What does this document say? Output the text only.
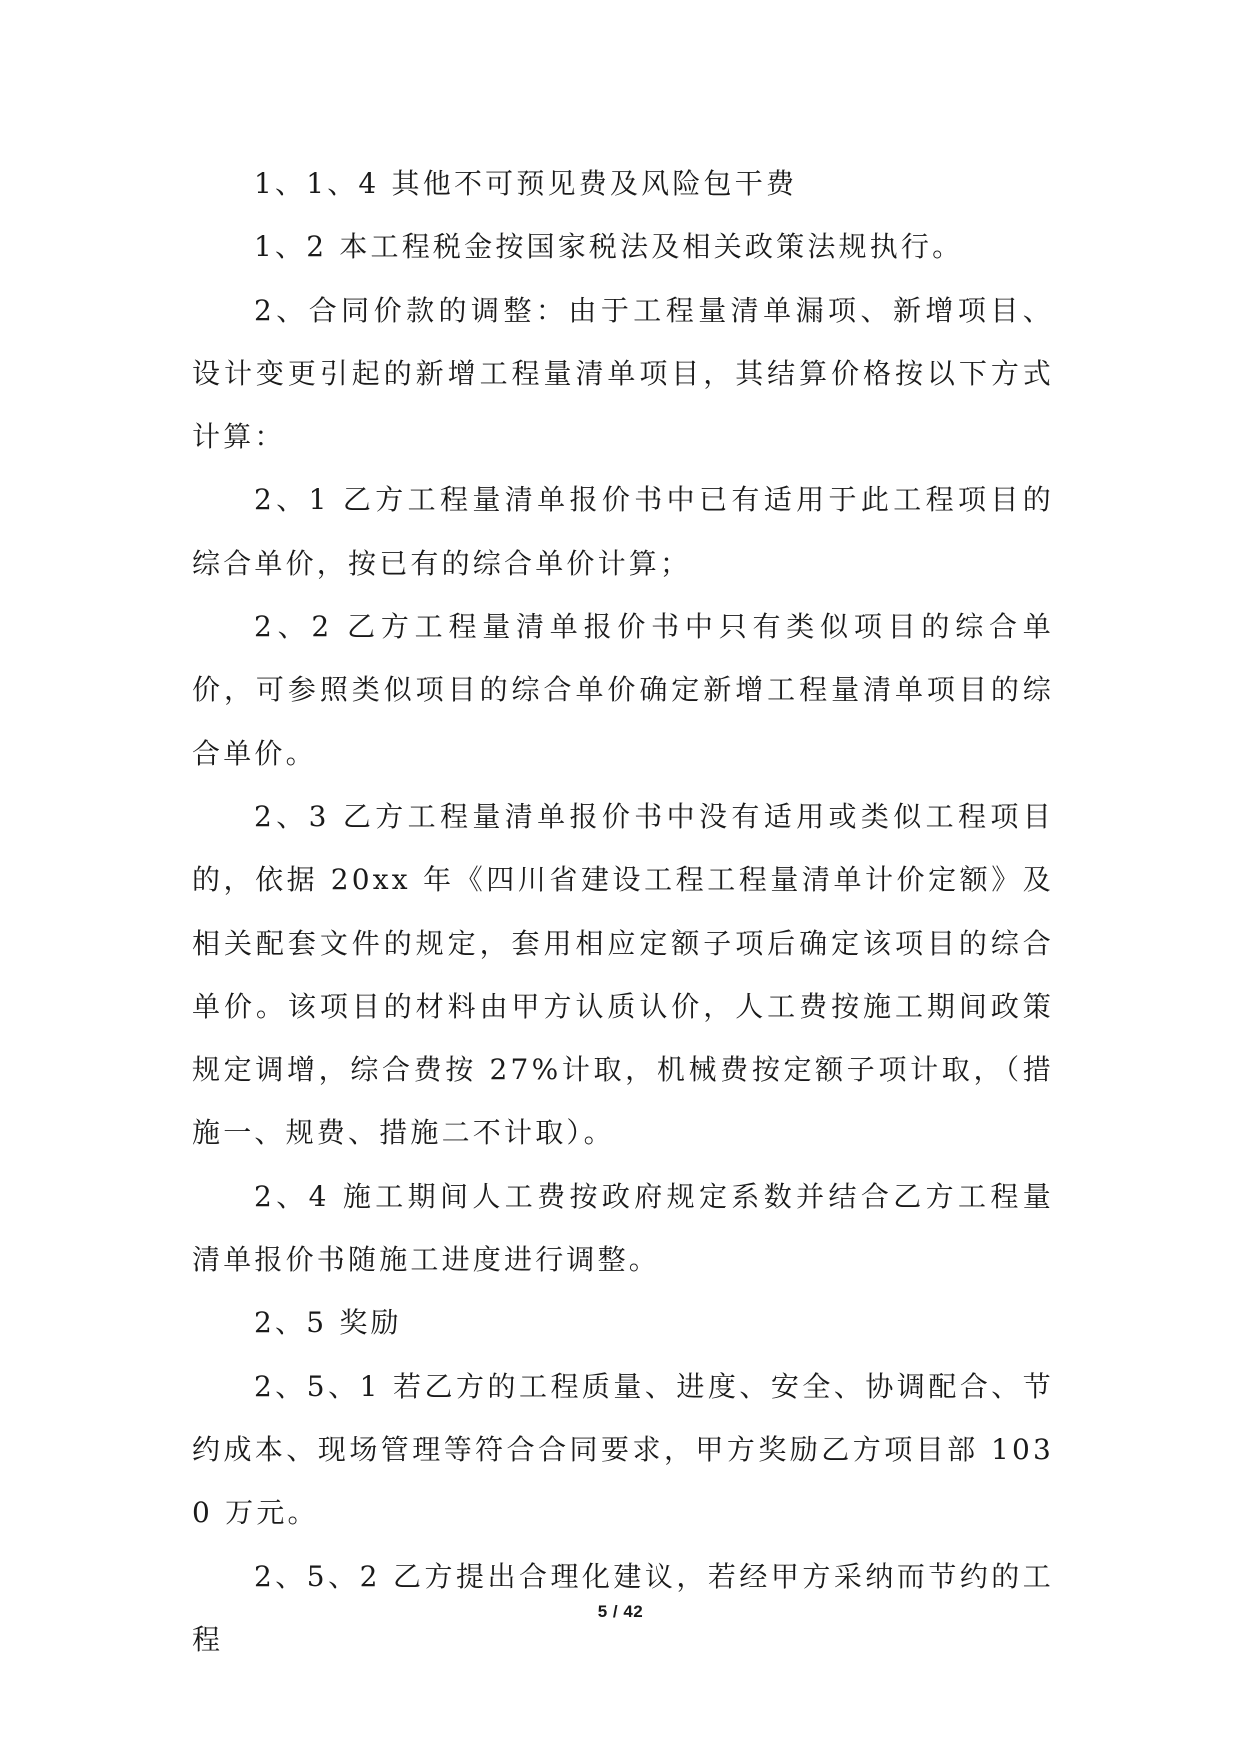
1、1、4 其他不可预见费及风险包干费

1、2 本工程税金按国家税法及相关政策法规执行。

2、合同价款的调整：由于工程量清单漏项、新增项目、设计变更引起的新增工程量清单项目，其结算价格按以下方式计算：

2、1 乙方工程量清单报价书中已有适用于此工程项目的综合单价，按已有的综合单价计算；

2、2 乙方工程量清单报价书中只有类似项目的综合单价，可参照类似项目的综合单价确定新增工程量清单项目的综合单价。

2、3 乙方工程量清单报价书中没有适用或类似工程项目的，依据 20xx 年《四川省建设工程工程量清单计价定额》及相关配套文件的规定，套用相应定额子项后确定该项目的综合单价。该项目的材料由甲方认质认价，人工费按施工期间政策规定调增，综合费按 27%计取，机械费按定额子项计取，（措施一、规费、措施二不计取）。

2、4 施工期间人工费按政府规定系数并结合乙方工程量清单报价书随施工进度进行调整。

2、5 奖励

2、5、1 若乙方的工程质量、进度、安全、协调配合、节约成本、现场管理等符合合同要求，甲方奖励乙方项目部 1030 万元。

2、5、2 乙方提出合理化建议，若经甲方采纳而节约的工程

5 / 42
